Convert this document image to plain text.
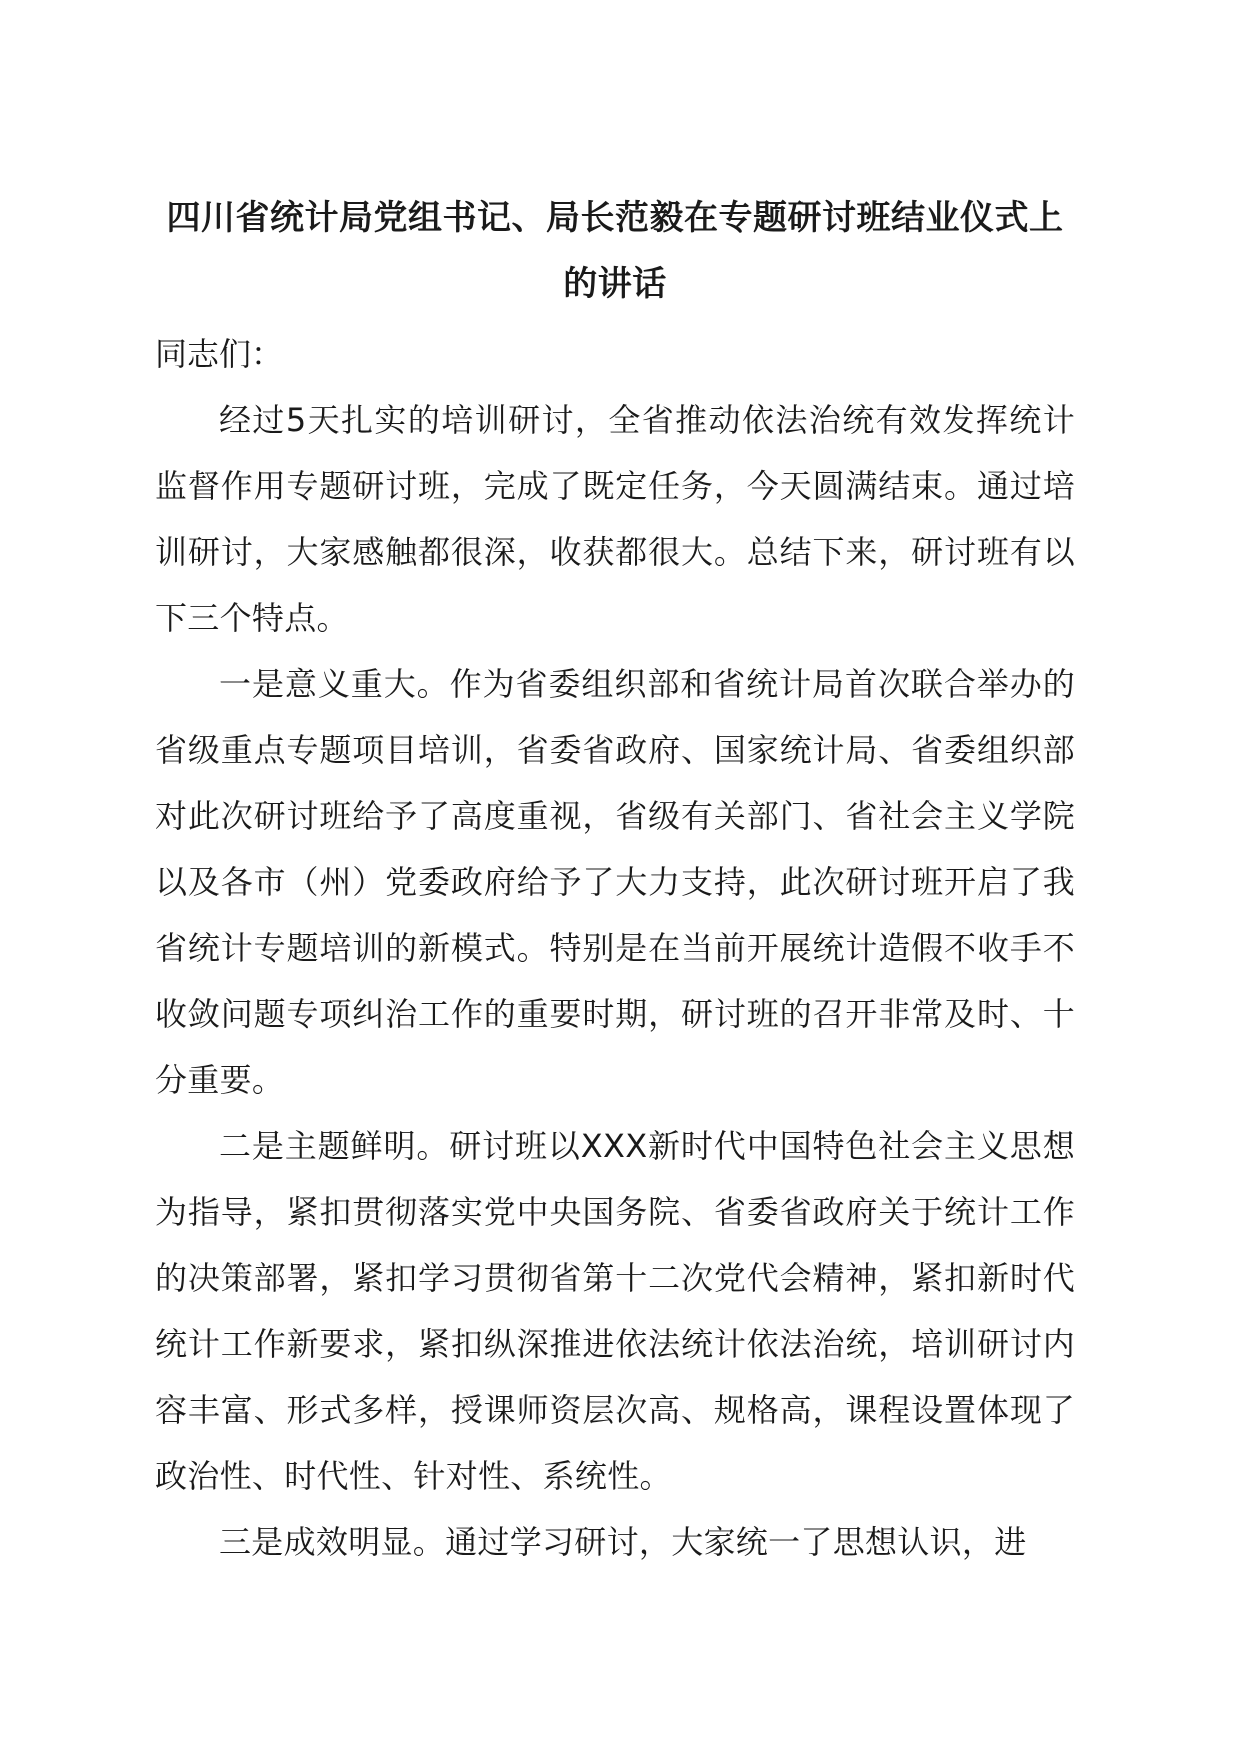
四川省统计局党组书记、局长范毅在专题研讨班结业仪式上的讲话

同志们：

经过5天扎实的培训研讨，全省推动依法治统有效发挥统计监督作用专题研讨班，完成了既定任务，今天圆满结束。通过培训研讨，大家感触都很深，收获都很大。总结下来，研讨班有以下三个特点。

一是意义重大。作为省委组织部和省统计局首次联合举办的省级重点专题项目培训，省委省政府、国家统计局、省委组织部对此次研讨班给予了高度重视，省级有关部门、省社会主义学院以及各市（州）党委政府给予了大力支持，此次研讨班开启了我省统计专题培训的新模式。特别是在当前开展统计造假不收手不收敛问题专项纠治工作的重要时期，研讨班的召开非常及时、十分重要。

二是主题鲜明。研讨班以XXX新时代中国特色社会主义思想为指导，紧扣贯彻落实党中央国务院、省委省政府关于统计工作的决策部署，紧扣学习贯彻省第十二次党代会精神，紧扣新时代统计工作新要求，紧扣纵深推进依法统计依法治统，培训研讨内容丰富、形式多样，授课师资层次高、规格高，课程设置体现了政治性、时代性、针对性、系统性。

三是成效明显。通过学习研讨，大家统一了思想认识，进
